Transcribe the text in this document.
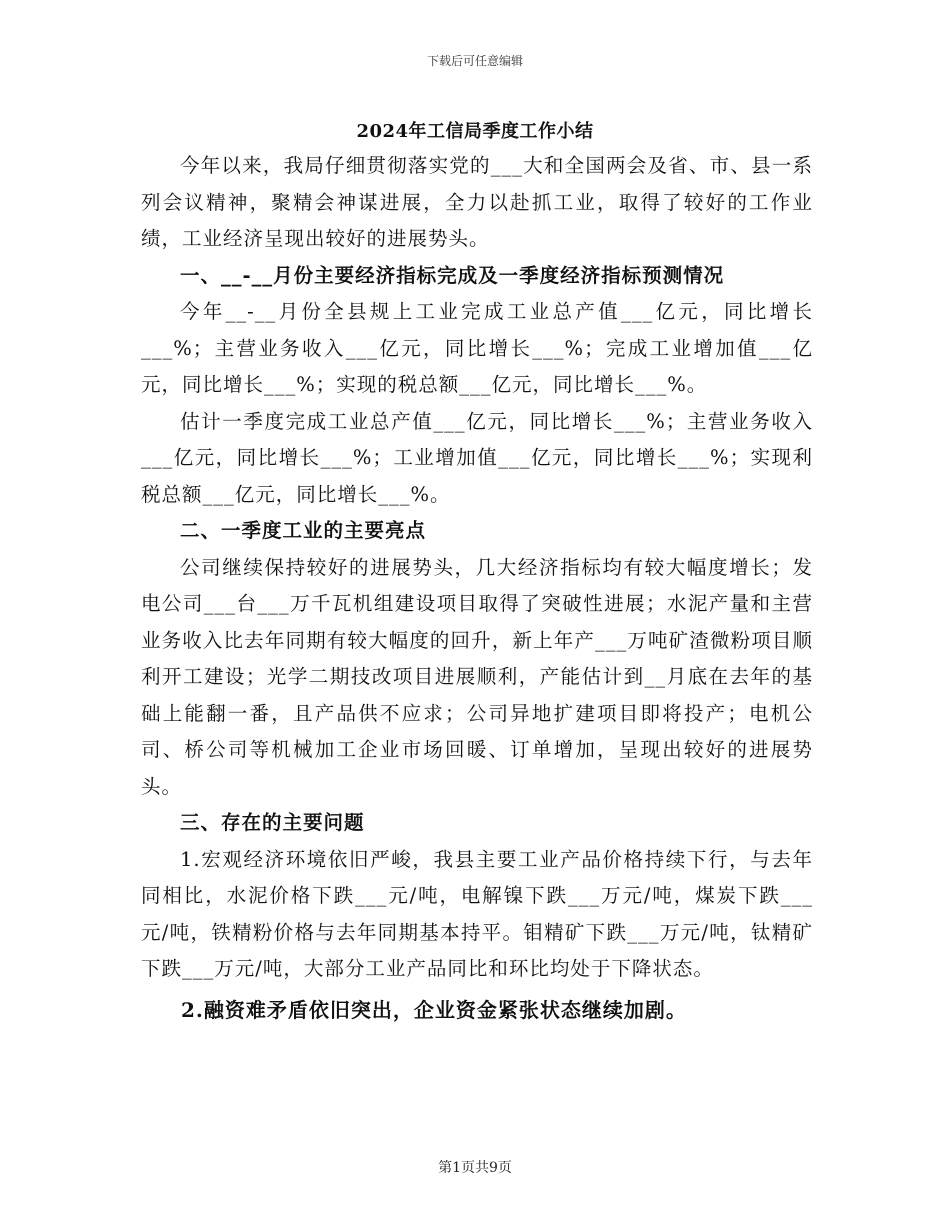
下载后可任意编辑
2024年工信局季度工作小结

今年以来，我局仔细贯彻落实党的___大和全国两会及省、市、县一系列会议精神，聚精会神谋进展，全力以赴抓工业，取得了较好的工作业绩，工业经济呈现出较好的进展势头。

一、__-__月份主要经济指标完成及一季度经济指标预测情况

今年__-__月份全县规上工业完成工业总产值___亿元，同比增长___%；主营业务收入___亿元，同比增长___%；完成工业增加值___亿元，同比增长___%；实现的税总额___亿元，同比增长___%。

估计一季度完成工业总产值___亿元，同比增长___%；主营业务收入___亿元，同比增长___%；工业增加值___亿元，同比增长___%；实现利税总额___亿元，同比增长___%。

二、一季度工业的主要亮点

公司继续保持较好的进展势头，几大经济指标均有较大幅度增长；发电公司___台___万千瓦机组建设项目取得了突破性进展；水泥产量和主营业务收入比去年同期有较大幅度的回升，新上年产___万吨矿渣微粉项目顺利开工建设；光学二期技改项目进展顺利，产能估计到__月底在去年的基础上能翻一番，且产品供不应求；公司异地扩建项目即将投产；电机公司、桥公司等机械加工企业市场回暖、订单增加，呈现出较好的进展势头。

三、存在的主要问题

1.宏观经济环境依旧严峻，我县主要工业产品价格持续下行，与去年同相比，水泥价格下跌___元/吨，电解镍下跌___万元/吨，煤炭下跌___元/吨，铁精粉价格与去年同期基本持平。钼精矿下跌___万元/吨，钛精矿下跌___万元/吨，大部分工业产品同比和环比均处于下降状态。

2.融资难矛盾依旧突出，企业资金紧张状态继续加剧。

第1页共9页
